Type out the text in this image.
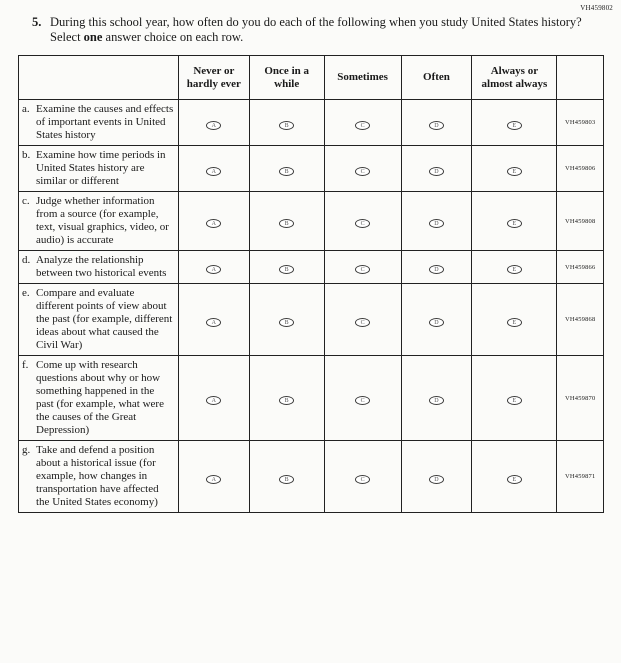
VH459802
5. During this school year, how often do you do each of the following when you study United States history? Select one answer choice on each row.
	Never or hardly ever	Once in a while	Sometimes	Often	Always or almost always	

a. Examine the causes and effects of important events in United States history	A	B	C	D	E	VH459803

b. Examine how time periods in United States history are similar or different	A	B	C	D	E	VH459806

c. Judge whether information from a source (for example, text, visual graphics, video, or audio) is accurate	A	B	C	D	E	VH459808

d. Analyze the relationship between two historical events	A	B	C	D	E	VH459866

e. Compare and evaluate different points of view about the past (for example, different ideas about what caused the Civil War)	A	B	C	D	E	VH459868

f. Come up with research questions about why or how something happened in the past (for example, what were the causes of the Great Depression)	A	B	C	D	E	VH459870

g. Take and defend a position about a historical issue (for example, how changes in transportation have affected the United States economy)	A	B	C	D	E	VH459871
